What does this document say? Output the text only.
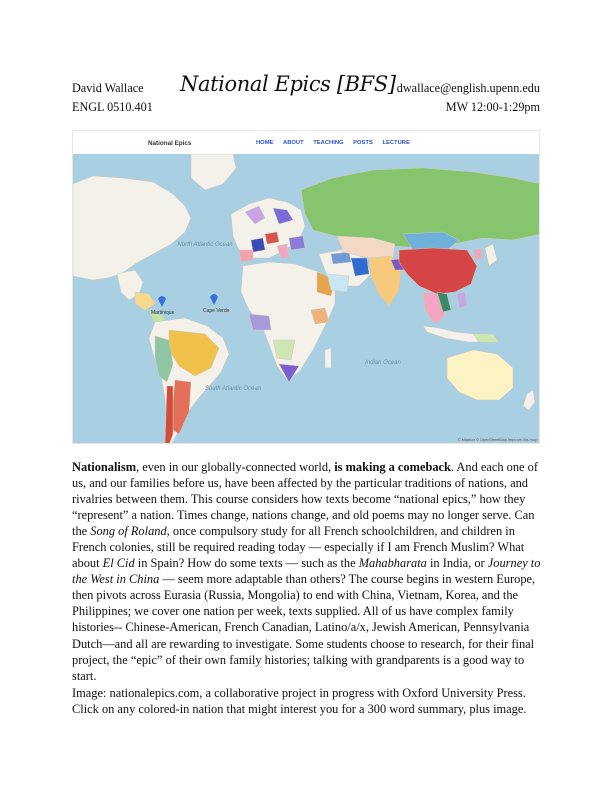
David Wallace
ENGL 0510.401
National Epics [BFS] dwallace@english.upenn.edu
MW 12:00-1:29pm
National Epics	HOME ABOUT TEACHING POSTS LECTURE
Martinique	Cape Verde
North Atlantic Ocean
South Atlantic Ocean
Indian Ocean
© Mapbox © OpenStreetMap Improve this map

Nationalism, even in our globally-connected world, is making a comeback. And each one of us, and our families before us, have been affected by the particular traditions of nations, and rivalries between them. This course considers how texts become “national epics,” how they “represent” a nation. Times change, nations change, and old poems may no longer serve. Can the Song of Roland, once compulsory study for all French schoolchildren, and children in French colonies, still be required reading today — especially if I am French Muslim? What about El Cid in Spain? How do some texts — such as the Mahabharata in India, or Journey to the West in China — seem more adaptable than others? The course begins in western Europe, then pivots across Eurasia (Russia, Mongolia) to end with China, Vietnam, Korea, and the Philippines; we cover one nation per week, texts supplied. All of us have complex family histories-- Chinese-American, French Canadian, Latino/a/x, Jewish American, Pennsylvania Dutch—and all are rewarding to investigate. Some students choose to research, for their final project, the “epic” of their own family histories; talking with grandparents is a good way to start.

Image: nationalepics.com, a collaborative project in progress with Oxford University Press.

Click on any colored-in nation that might interest you for a 300 word summary, plus image.
